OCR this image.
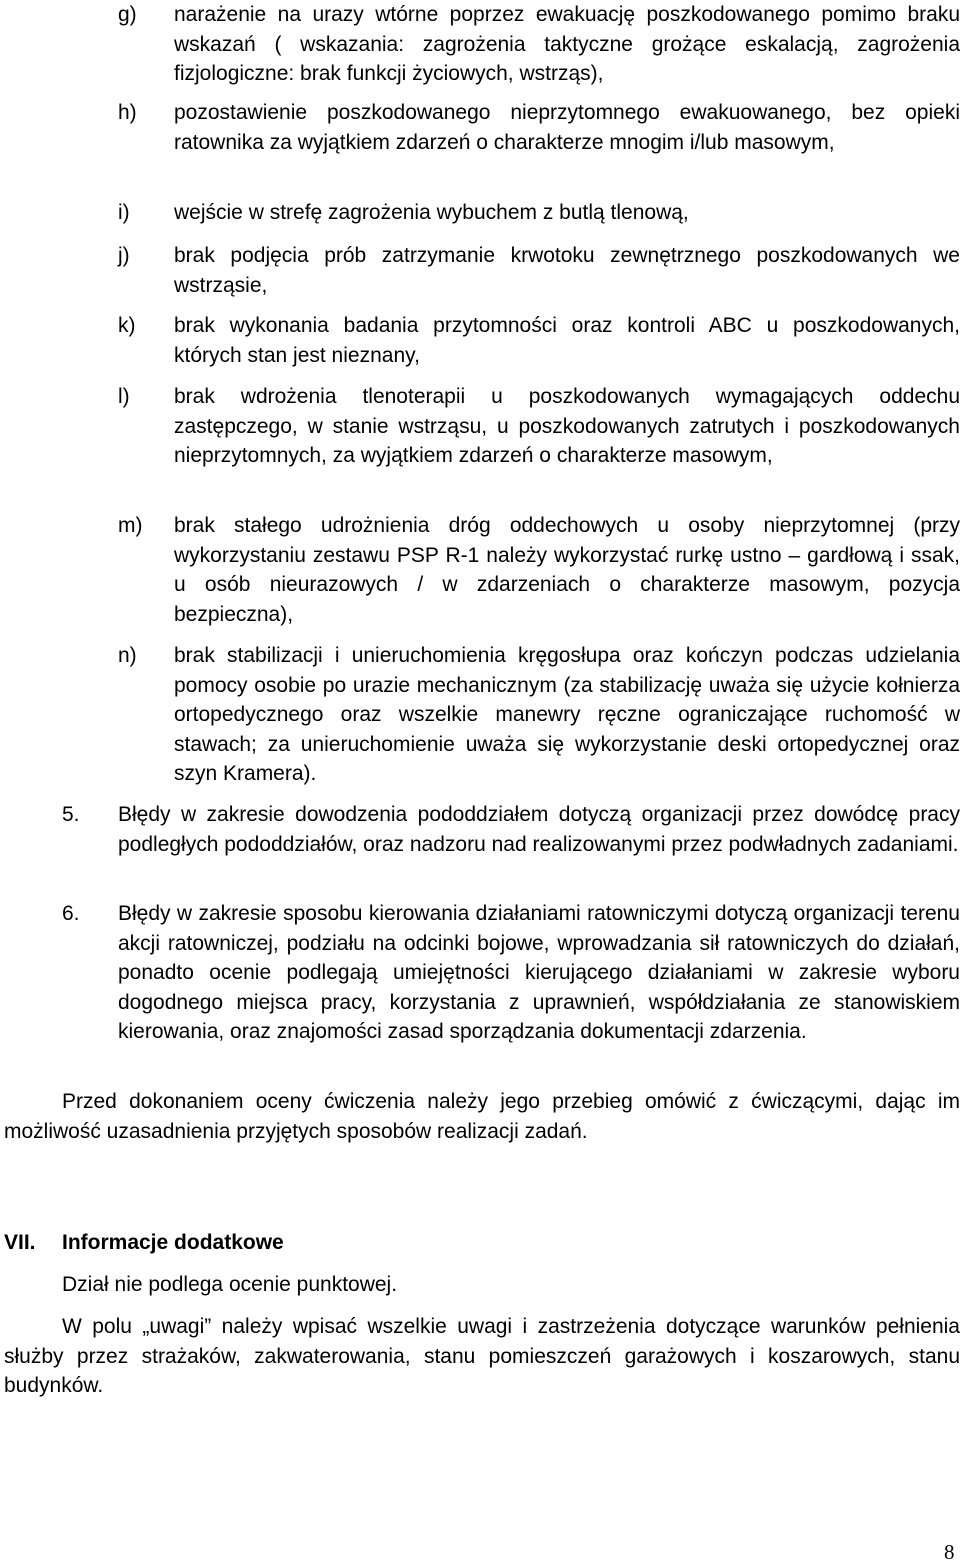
g)	narażenie na urazy wtórne poprzez ewakuację poszkodowanego pomimo braku wskazań ( wskazania: zagrożenia taktyczne grożące eskalacją, zagrożenia fizjologiczne: brak funkcji życiowych, wstrząs),
h)	pozostawienie poszkodowanego nieprzytomnego ewakuowanego, bez opieki ratownika za wyjątkiem zdarzeń o charakterze mnogim i/lub masowym,
i)	wejście w strefę zagrożenia wybuchem z butlą tlenową,
j)	brak podjęcia prób zatrzymanie krwotoku zewnętrznego poszkodowanych we wstrząsie,
k)	brak wykonania badania przytomności oraz kontroli ABC u poszkodowanych, których stan jest nieznany,
l)	brak wdrożenia tlenoterapii u poszkodowanych wymagających oddechu zastępczego, w stanie wstrząsu, u poszkodowanych zatrutych i poszkodowanych nieprzytomnych, za wyjątkiem zdarzeń o charakterze masowym,
m)	brak stałego udrożnienia dróg oddechowych u osoby nieprzytomnej (przy wykorzystaniu zestawu PSP R-1 należy wykorzystać rurkę ustno – gardłową i ssak, u osób nieurazowych / w zdarzeniach o charakterze masowym, pozycja bezpieczna),
n)	brak stabilizacji i unieruchomienia kręgosłupa oraz kończyn podczas udzielania pomocy osobie po urazie mechanicznym (za stabilizację uważa się użycie kołnierza ortopedycznego oraz wszelkie manewry ręczne ograniczające ruchomość w stawach; za unieruchomienie uważa się wykorzystanie deski ortopedycznej oraz szyn Kramera).
5.	Błędy w zakresie dowodzenia pododdziałem dotyczą organizacji przez dowódcę pracy podległych pododdziałów, oraz nadzoru nad realizowanymi przez podwładnych zadaniami.
6.	Błędy w zakresie sposobu kierowania działaniami ratowniczymi dotyczą organizacji terenu akcji ratowniczej, podziału na odcinki bojowe, wprowadzania sił ratowniczych do działań, ponadto ocenie podlegają umiejętności kierującego działaniami w zakresie wyboru dogodnego miejsca pracy, korzystania z uprawnień, współdziałania ze stanowiskiem kierowania, oraz znajomości zasad sporządzania dokumentacji zdarzenia.
Przed dokonaniem oceny ćwiczenia należy jego przebieg omówić z ćwiczącymi, dając im możliwość uzasadnienia przyjętych sposobów realizacji zadań.
VII. Informacje dodatkowe
Dział nie podlega ocenie punktowej.
W polu „uwagi” należy wpisać wszelkie uwagi i zastrzeżenia dotyczące warunków pełnienia służby przez strażaków, zakwaterowania, stanu pomieszczeń garażowych i koszarowych, stanu budynków.
8
